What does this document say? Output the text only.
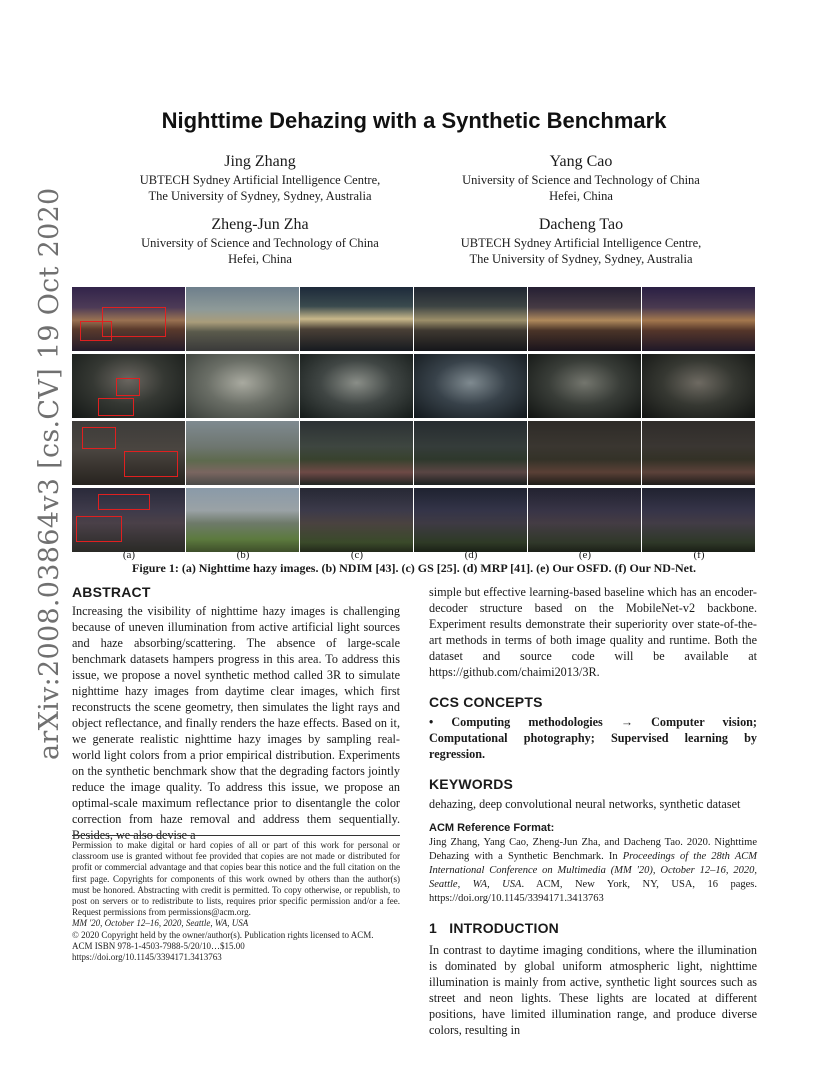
arXiv:2008.03864v3 [cs.CV] 19 Oct 2020
Nighttime Dehazing with a Synthetic Benchmark
Jing Zhang
UBTECH Sydney Artificial Intelligence Centre,
The University of Sydney, Sydney, Australia
Yang Cao
University of Science and Technology of China
Hefei, China
Zheng-Jun Zha
University of Science and Technology of China
Hefei, China
Dacheng Tao
UBTECH Sydney Artificial Intelligence Centre,
The University of Sydney, Sydney, Australia
(a)	(b)	(c)	(d)	(e)	(f)
Figure 1: (a) Nighttime hazy images. (b) NDIM [43]. (c) GS [25]. (d) MRP [41]. (e) Our OSFD. (f) Our ND-Net.
ABSTRACT

Increasing the visibility of nighttime hazy images is challenging because of uneven illumination from active artificial light sources and haze absorbing/scattering. The absence of large-scale benchmark datasets hampers progress in this area. To address this issue, we propose a novel synthetic method called 3R to simulate nighttime hazy images from daytime clear images, which first reconstructs the scene geometry, then simulates the light rays and object reflectance, and finally renders the haze effects. Based on it, we generate realistic nighttime hazy images by sampling real-world light colors from a prior empirical distribution. Experiments on the synthetic benchmark show that the degrading factors jointly reduce the image quality. To address this issue, we propose an optimal-scale maximum reflectance prior to disentangle the color correction from haze removal and address them sequentially. Besides, we also devise a

Permission to make digital or hard copies of all or part of this work for personal or classroom use is granted without fee provided that copies are not made or distributed for profit or commercial advantage and that copies bear this notice and the full citation on the first page. Copyrights for components of this work owned by others than the author(s) must be honored. Abstracting with credit is permitted. To copy otherwise, or republish, to post on servers or to redistribute to lists, requires prior specific permission and/or a fee. Request permissions from permissions@acm.org.

MM '20, October 12–16, 2020, Seattle, WA, USA

© 2020 Copyright held by the owner/author(s). Publication rights licensed to ACM.

ACM ISBN 978-1-4503-7988-5/20/10…$15.00

https://doi.org/10.1145/3394171.3413763

simple but effective learning-based baseline which has an encoder-decoder structure based on the MobileNet-v2 backbone. Experiment results demonstrate their superiority over state-of-the-art methods in terms of both image quality and runtime. Both the dataset and source code will be available at https://github.com/chaimi2013/3R.

CCS CONCEPTS

• Computing methodologies → Computer vision; Computational photography; Supervised learning by regression.

KEYWORDS

dehazing, deep convolutional neural networks, synthetic dataset

ACM Reference Format:

Jing Zhang, Yang Cao, Zheng-Jun Zha, and Dacheng Tao. 2020. Nighttime Dehazing with a Synthetic Benchmark. In Proceedings of the 28th ACM International Conference on Multimedia (MM '20), October 12–16, 2020, Seattle, WA, USA. ACM, New York, NY, USA, 16 pages. https://doi.org/10.1145/3394171.3413763

1   INTRODUCTION

In contrast to daytime imaging conditions, where the illumination is dominated by global uniform atmospheric light, nighttime illumination is mainly from active, synthetic light sources such as street and neon lights. These lights are located at different positions, have limited illumination range, and produce diverse colors, resulting in
